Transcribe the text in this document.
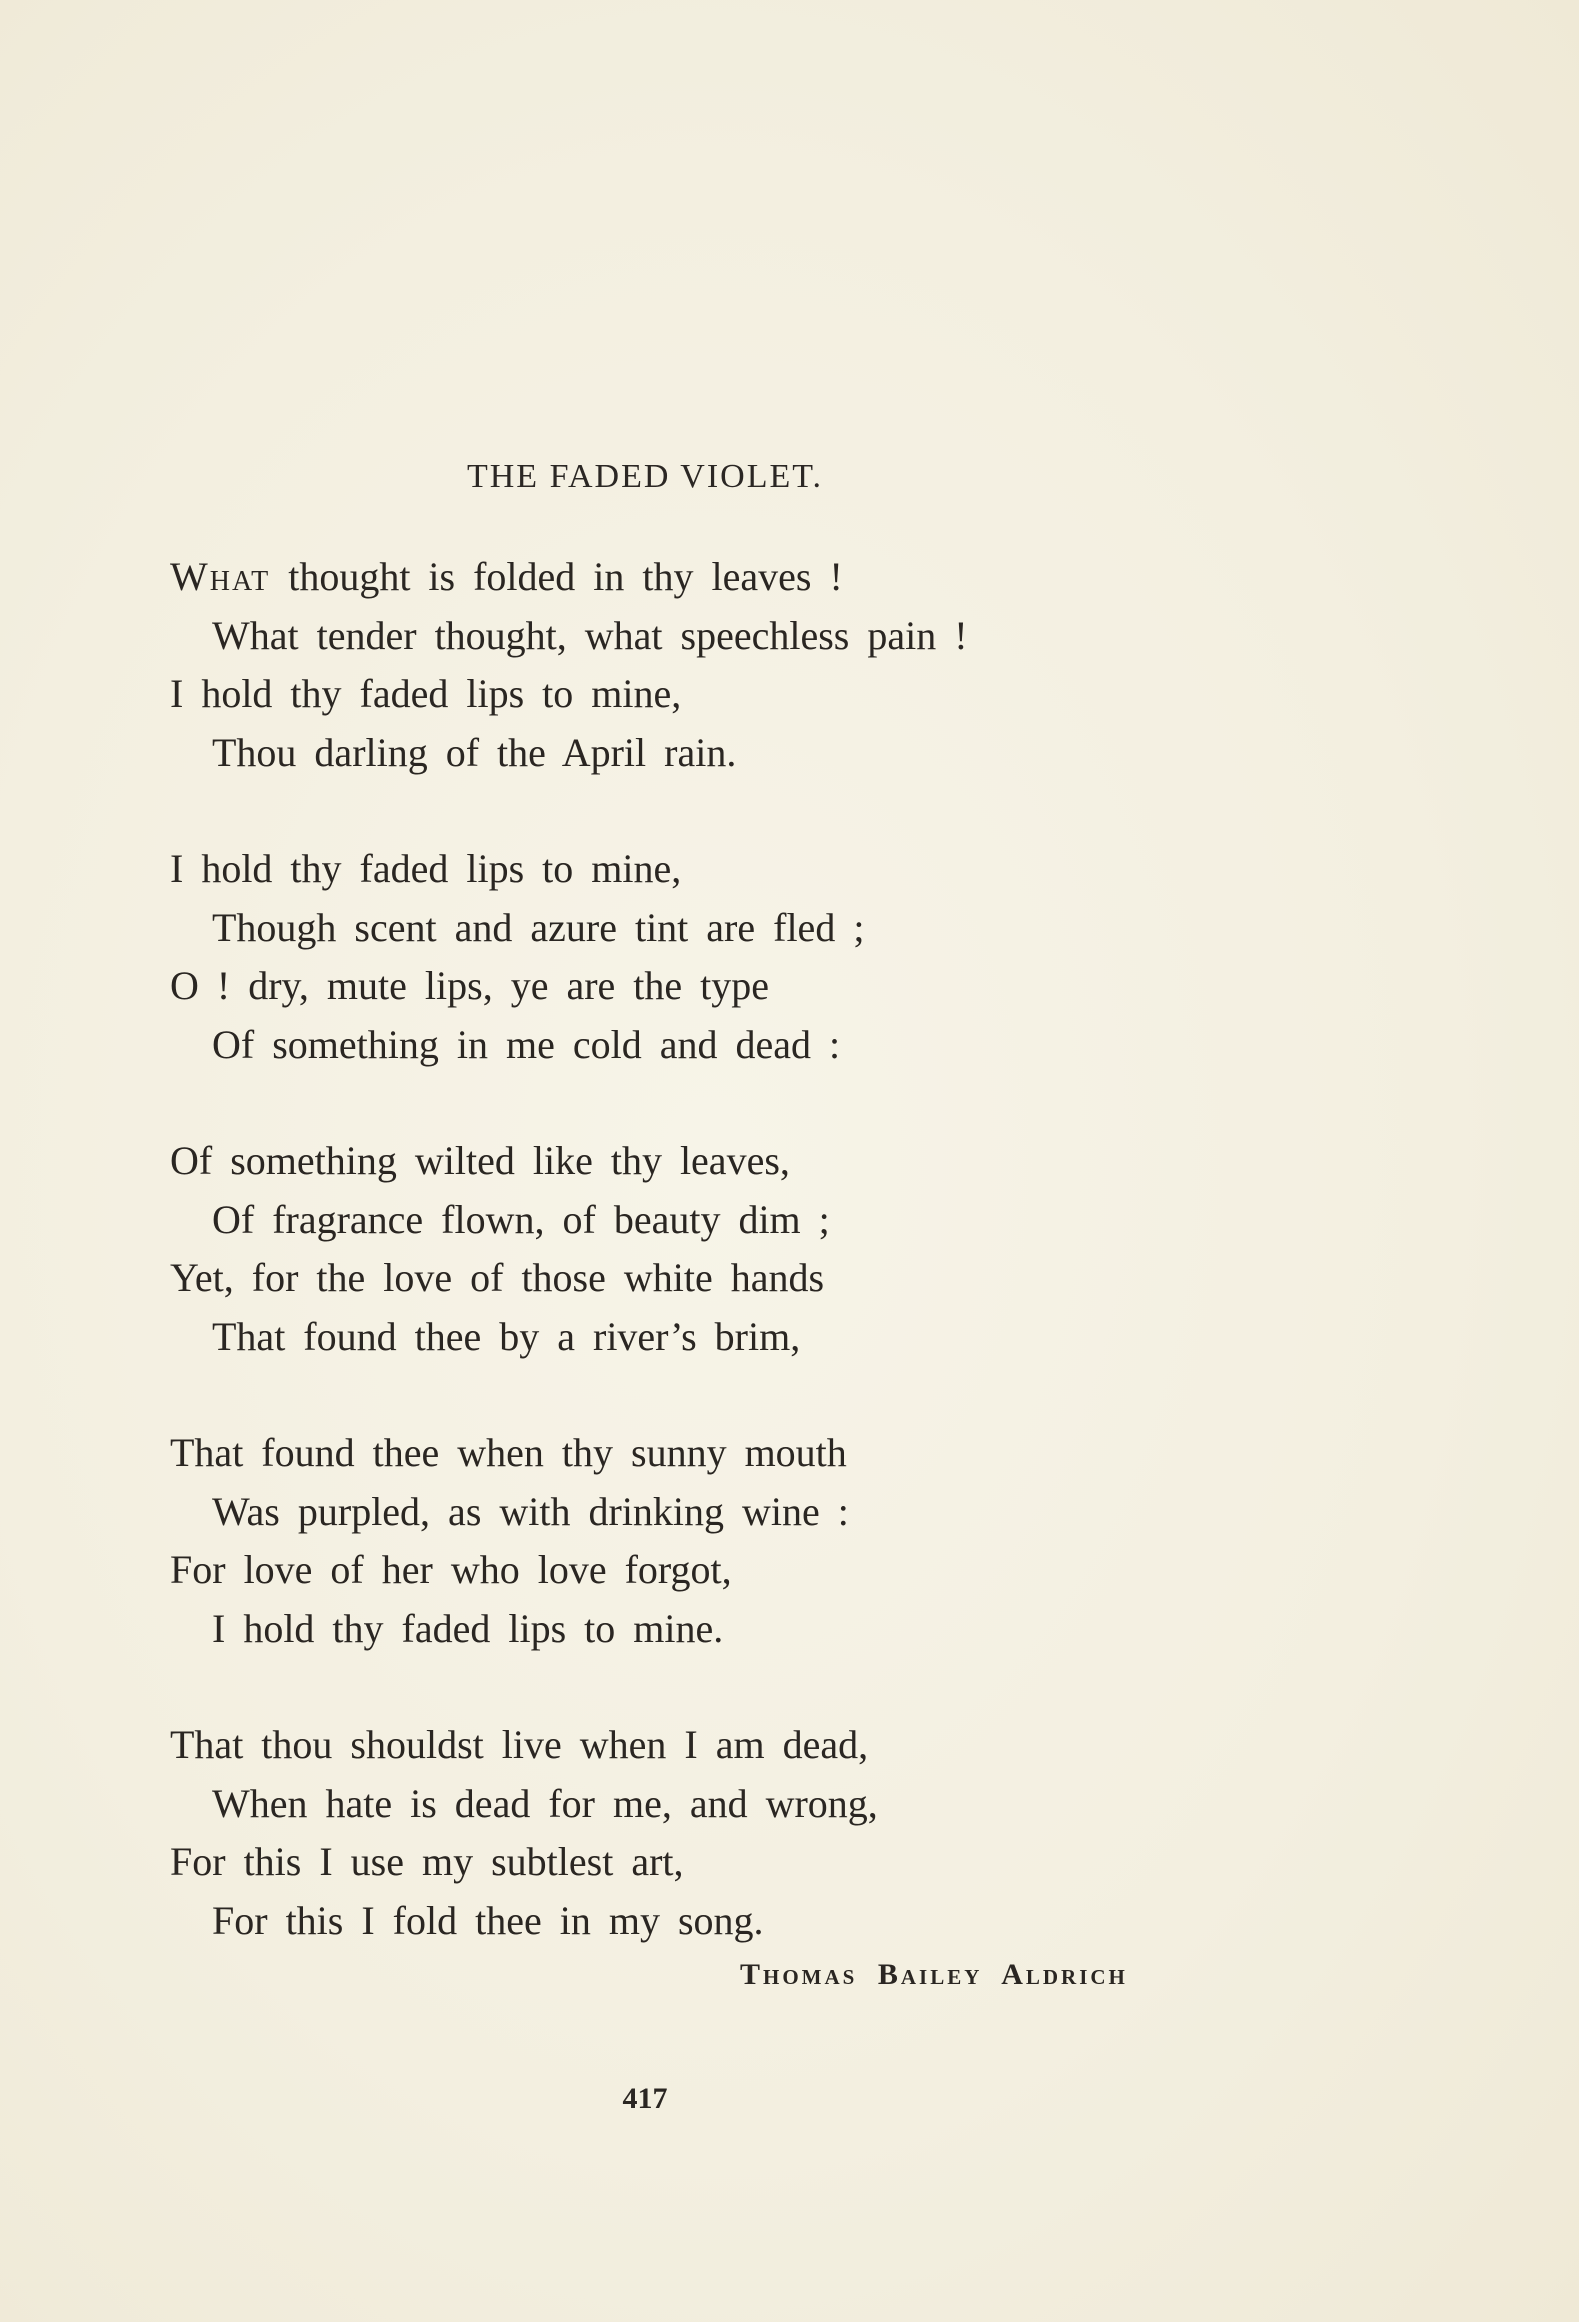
THE FADED VIOLET.
What thought is folded in thy leaves !
What tender thought, what speechless pain !
I hold thy faded lips to mine,
Thou darling of the April rain.
I hold thy faded lips to mine,
Though scent and azure tint are fled ;
O ! dry, mute lips, ye are the type
Of something in me cold and dead :
Of something wilted like thy leaves,
Of fragrance flown, of beauty dim ;
Yet, for the love of those white hands
That found thee by a river’s brim,
That found thee when thy sunny mouth
Was purpled, as with drinking wine :
For love of her who love forgot,
I hold thy faded lips to mine.
That thou shouldst live when I am dead,
When hate is dead for me, and wrong,
For this I use my subtlest art,
For this I fold thee in my song.
Thomas Bailey Aldrich
417
